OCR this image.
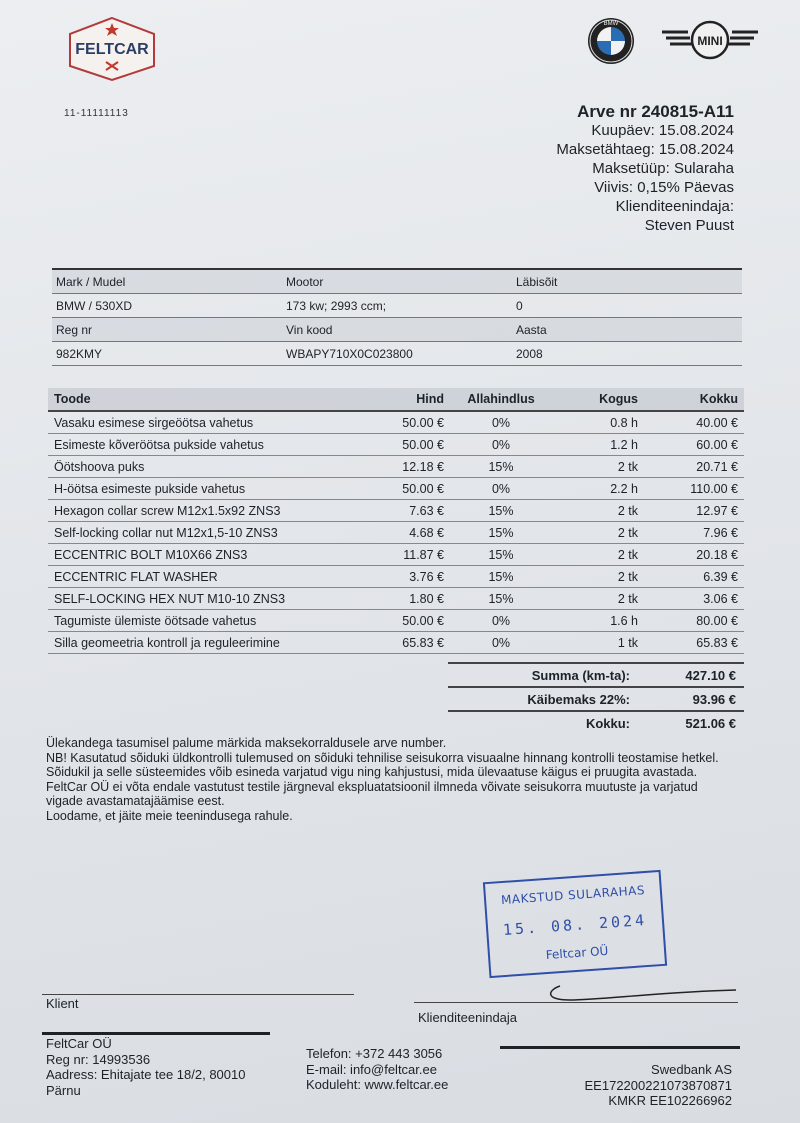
FELTCAR
BMW
MINI
11-11111113	Arve nr 240815-A11
Kuupäev: 15.08.2024
Maksetähtaeg: 15.08.2024
Maksetüüp: Sularaha
Viivis: 0,15% Päevas
Klienditeenindaja:
Steven Puust
Mark / Mudel	Mootor	Läbisõit
BMW / 530XD	173 kw; 2993 ccm;	0
Reg nr	Vin kood	Aasta
982KMY	WBAPY710X0C023800	2008
Toode	Hind	Allahindlus	Kogus	Kokku
Vasaku esimese sirgeöötsa vahetus	50.00 €	0%	0.8 h	40.00 €
Esimeste kõveröötsa pukside vahetus	50.00 €	0%	1.2 h	60.00 €
Öötshoova puks	12.18 €	15%	2 tk	20.71 €
H-öötsa esimeste pukside vahetus	50.00 €	0%	2.2 h	110.00 €
Hexagon collar screw M12x1.5x92 ZNS3	7.63 €	15%	2 tk	12.97 €
Self-locking collar nut M12x1,5-10 ZNS3	4.68 €	15%	2 tk	7.96 €
ECCENTRIC BOLT M10X66 ZNS3	11.87 €	15%	2 tk	20.18 €
ECCENTRIC FLAT WASHER	3.76 €	15%	2 tk	6.39 €
SELF-LOCKING HEX NUT M10-10 ZNS3	1.80 €	15%	2 tk	3.06 €
Tagumiste ülemiste öötsade vahetus	50.00 €	0%	1.6 h	80.00 €
Silla geomeetria kontroll ja reguleerimine	65.83 €	0%	1 tk	65.83 €
Summa (km-ta):	427.10 €
Käibemaks 22%:	93.96 €
Kokku:	521.06 €

Ülekandega tasumisel palume märkida maksekorraldusele arve number.

NB! Kasutatud sõiduki üldkontrolli tulemused on sõiduki tehnilise seisukorra visuaalne hinnang kontrolli teostamise hetkel. Sõidukil ja selle süsteemides võib esineda varjatud vigu ning kahjustusi, mida ülevaatuse käigus ei pruugita avastada. FeltCar OÜ ei võta endale vastutust testile järgneval ekspluatatsioonil ilmneda võivate seisukorra muutuste ja varjatud vigade avastamatajäämise eest.

Loodame, et jäite meie teenindusega rahule.

MAKSTUD SULARAHAS
15. 08. 2024
Feltcar OÜ
Klient
Klienditeenindaja
FeltCar OÜ
Reg nr: 14993536
Aadress: Ehitajate tee 18/2, 80010
Pärnu
Telefon: +372 443 3056
E-mail: info@feltcar.ee
Koduleht: www.feltcar.ee
Swedbank AS
EE172200221073870871
KMKR EE102266962
